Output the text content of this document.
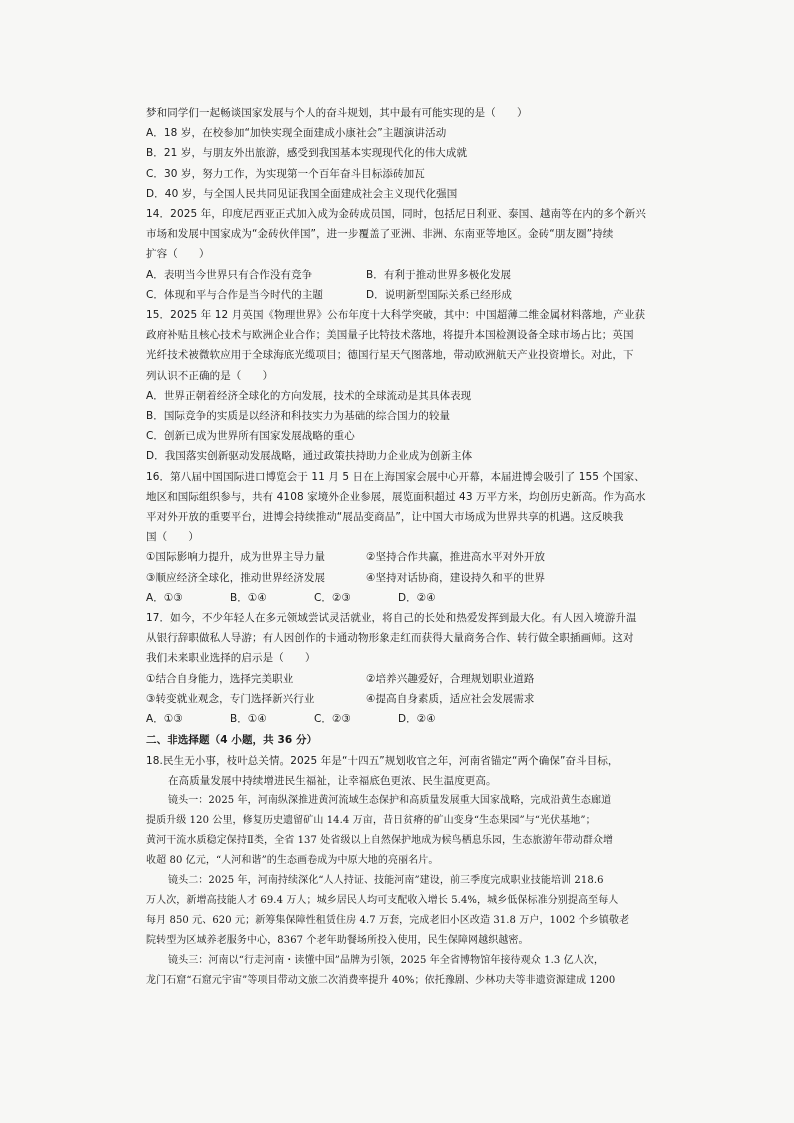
梦和同学们一起畅谈国家发展与个人的奋斗规划，其中最有可能实现的是（　　）
A．18 岁，在校参加“加快实现全面建成小康社会”主题演讲活动
B．21 岁，与朋友外出旅游，感受到我国基本实现现代化的伟大成就
C．30 岁，努力工作，为实现第一个百年奋斗目标添砖加瓦
D．40 岁，与全国人民共同见证我国全面建成社会主义现代化强国
14．2025 年，印度尼西亚正式加入成为金砖成员国，同时，包括尼日利亚、泰国、越南等在内的多个新兴
市场和发展中国家成为“金砖伙伴国”，进一步覆盖了亚洲、非洲、东南亚等地区。金砖“朋友圈”持续
扩容（　　）
A．表明当今世界只有合作没有竞争	B．有利于推动世界多极化发展
C．体现和平与合作是当今时代的主题	D．说明新型国际关系已经形成
15．2025 年 12 月英国《物理世界》公布年度十大科学突破，其中：中国超薄二维金属材料落地，产业获
政府补贴且核心技术与欧洲企业合作；美国量子比特技术落地，将提升本国检测设备全球市场占比；英国
光纤技术被微软应用于全球海底光缆项目；德国行星天气图落地，带动欧洲航天产业投资增长。对此，下
列认识不正确的是（　　）
A．世界正朝着经济全球化的方向发展，技术的全球流动是其具体表现
B．国际竞争的实质是以经济和科技实力为基础的综合国力的较量
C．创新已成为世界所有国家发展战略的重心
D．我国落实创新驱动发展战略，通过政策扶持助力企业成为创新主体
16．第八届中国国际进口博览会于 11 月 5 日在上海国家会展中心开幕，本届进博会吸引了 155 个国家、
地区和国际组织参与，共有 4108 家境外企业参展，展览面积超过 43 万平方米，均创历史新高。作为高水
平对外开放的重要平台，进博会持续推动“展品变商品”，让中国大市场成为世界共享的机遇。这反映我
国（　　）
①国际影响力提升，成为世界主导力量	②坚持合作共赢，推进高水平对外开放
③顺应经济全球化，推动世界经济发展	④坚持对话协商，建设持久和平的世界
A．①③	B．①④	C．②③	D．②④
17．如今，不少年轻人在多元领域尝试灵活就业，将自己的长处和热爱发挥到最大化。有人因入境游升温
从银行辞职做私人导游；有人因创作的卡通动物形象走红而获得大量商务合作、转行做全职插画师。这对
我们未来职业选择的启示是（　　）
①结合自身能力，选择完美职业	②培养兴趣爱好，合理规划职业道路
③转变就业观念，专门选择新兴行业	④提高自身素质，适应社会发展需求
A．①③	B．①④	C．②③	D．②④
二、非选择题（4 小题，共 36 分）
18.民生无小事，枝叶总关情。2025 年是“十四五”规划收官之年，河南省锚定“两个确保”奋斗目标，
在高质量发展中持续增进民生福祉，让幸福底色更浓、民生温度更高。
镜头一：2025 年，河南纵深推进黄河流域生态保护和高质量发展重大国家战略，完成沿黄生态廊道
提质升级 120 公里，修复历史遗留矿山 14.4 万亩，昔日贫瘠的矿山变身“生态果园”与“光伏基地”；
黄河干流水质稳定保持Ⅱ类，全省 137 处省级以上自然保护地成为候鸟栖息乐园，生态旅游年带动群众增
收超 80 亿元，“人河和谐”的生态画卷成为中原大地的亮丽名片。
镜头二：2025 年，河南持续深化“人人持证、技能河南”建设，前三季度完成职业技能培训 218.6
万人次，新增高技能人才 69.4 万人；城乡居民人均可支配收入增长 5.4%，城乡低保标准分别提高至每人
每月 850 元、620 元；新筹集保障性租赁住房 4.7 万套，完成老旧小区改造 31.8 万户，1002 个乡镇敬老
院转型为区域养老服务中心，8367 个老年助餐场所投入使用，民生保障网越织越密。
镜头三：河南以“行走河南・读懂中国”品牌为引领，2025 年全省博物馆年接待观众 1.3 亿人次，
龙门石窟“石窟元宇宙”等项目带动文旅二次消费率提升 40%；依托豫剧、少林功夫等非遗资源建成 1200
